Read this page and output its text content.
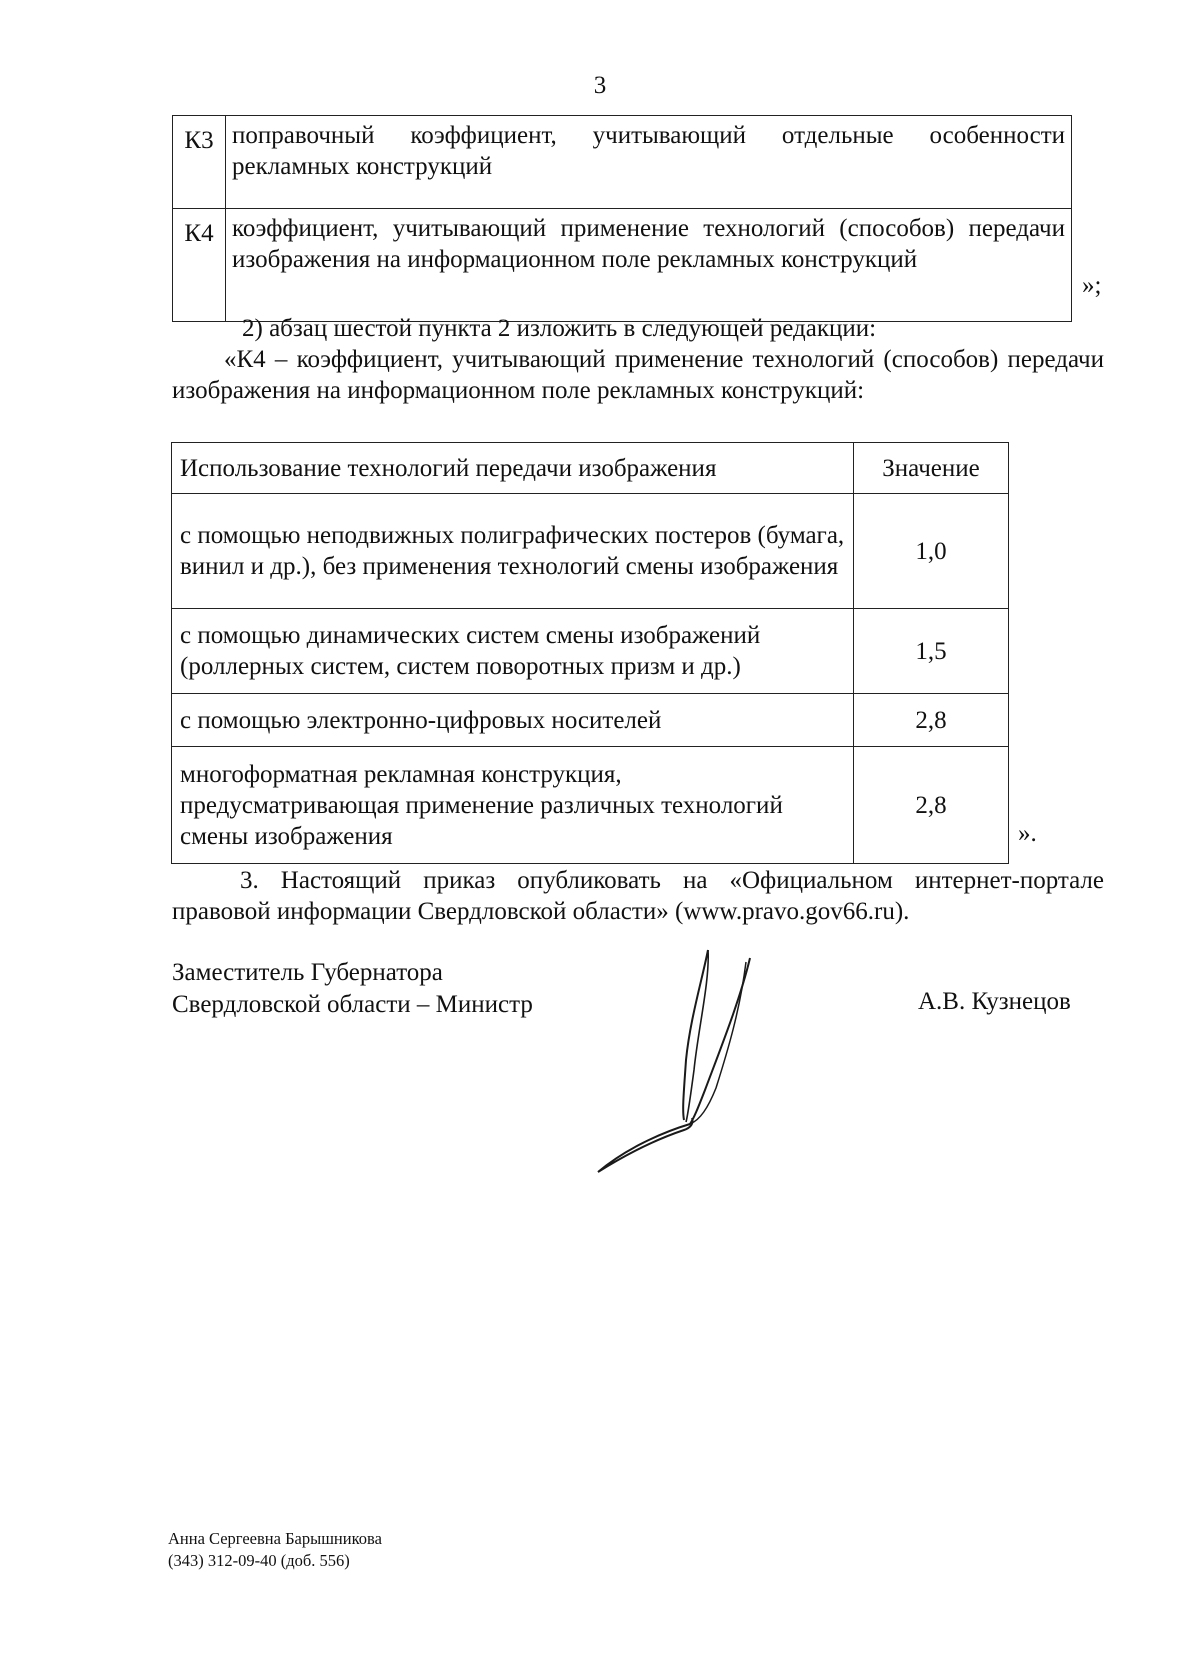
3
К3	поправочный коэффициент, учитывающий отдельные особенности рекламных конструкций
К4	коэффициент, учитывающий применение технологий (способов) передачи изображения на информационном поле рекламных конструкций
»;
2) абзац шестой пункта 2 изложить в следующей редакции:
«К4 – коэффициент, учитывающий применение технологий (способов) передачи изображения на информационном поле рекламных конструкций:
Использование технологий передачи изображения	Значение
с помощью неподвижных полиграфических постеров (бумага, винил и др.), без применения технологий смены изображения	1,0
с помощью динамических систем смены изображений (роллерных систем, систем поворотных призм и др.)	1,5
с помощью электронно-цифровых носителей	2,8
многоформатная рекламная конструкция, предусматривающая применение различных технологий смены изображения	2,8
».
3. Настоящий приказ опубликовать на «Официальном интернет-портале правовой информации Свердловской области» (www.pravo.gov66.ru).
Заместитель Губернатора
Свердловской области – Министр	А.В. Кузнецов
Анна Сергеевна Барышникова
(343) 312-09-40 (доб. 556)
